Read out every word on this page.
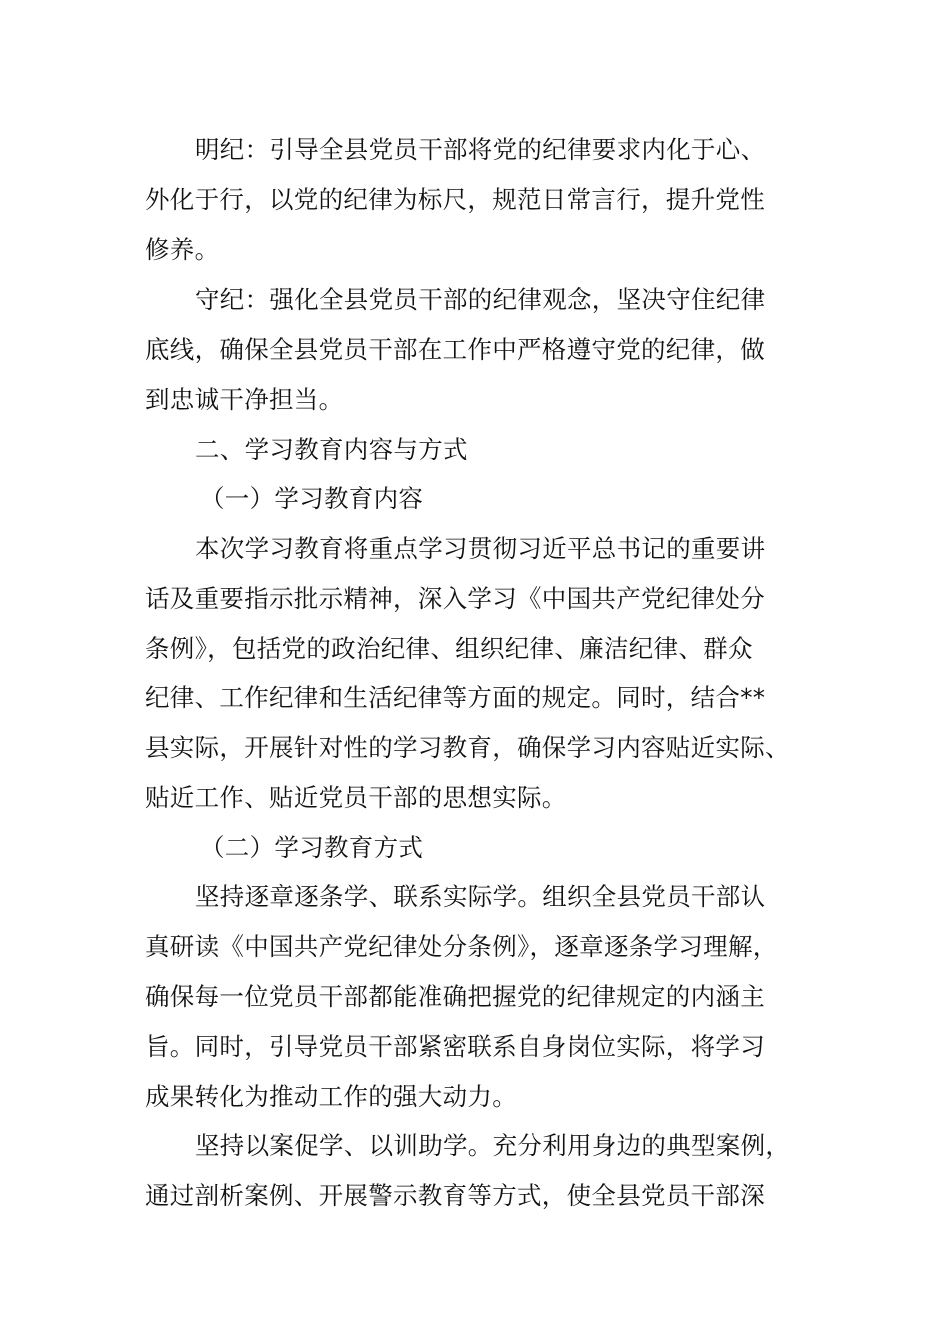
明纪：引导全县党员干部将党的纪律要求内化于心、
外化于行，以党的纪律为标尺，规范日常言行，提升党性
修养。
守纪：强化全县党员干部的纪律观念，坚决守住纪律
底线，确保全县党员干部在工作中严格遵守党的纪律，做
到忠诚干净担当。
二、学习教育内容与方式
（一）学习教育内容
本次学习教育将重点学习贯彻习近平总书记的重要讲
话及重要指示批示精神，深入学习《中国共产党纪律处分
条例》，包括党的政治纪律、组织纪律、廉洁纪律、群众
纪律、工作纪律和生活纪律等方面的规定。同时，结合**
县实际，开展针对性的学习教育，确保学习内容贴近实际、
贴近工作、贴近党员干部的思想实际。
（二）学习教育方式
坚持逐章逐条学、联系实际学。组织全县党员干部认
真研读《中国共产党纪律处分条例》，逐章逐条学习理解，
确保每一位党员干部都能准确把握党的纪律规定的内涵主
旨。同时，引导党员干部紧密联系自身岗位实际，将学习
成果转化为推动工作的强大动力。
坚持以案促学、以训助学。充分利用身边的典型案例，
通过剖析案例、开展警示教育等方式，使全县党员干部深
